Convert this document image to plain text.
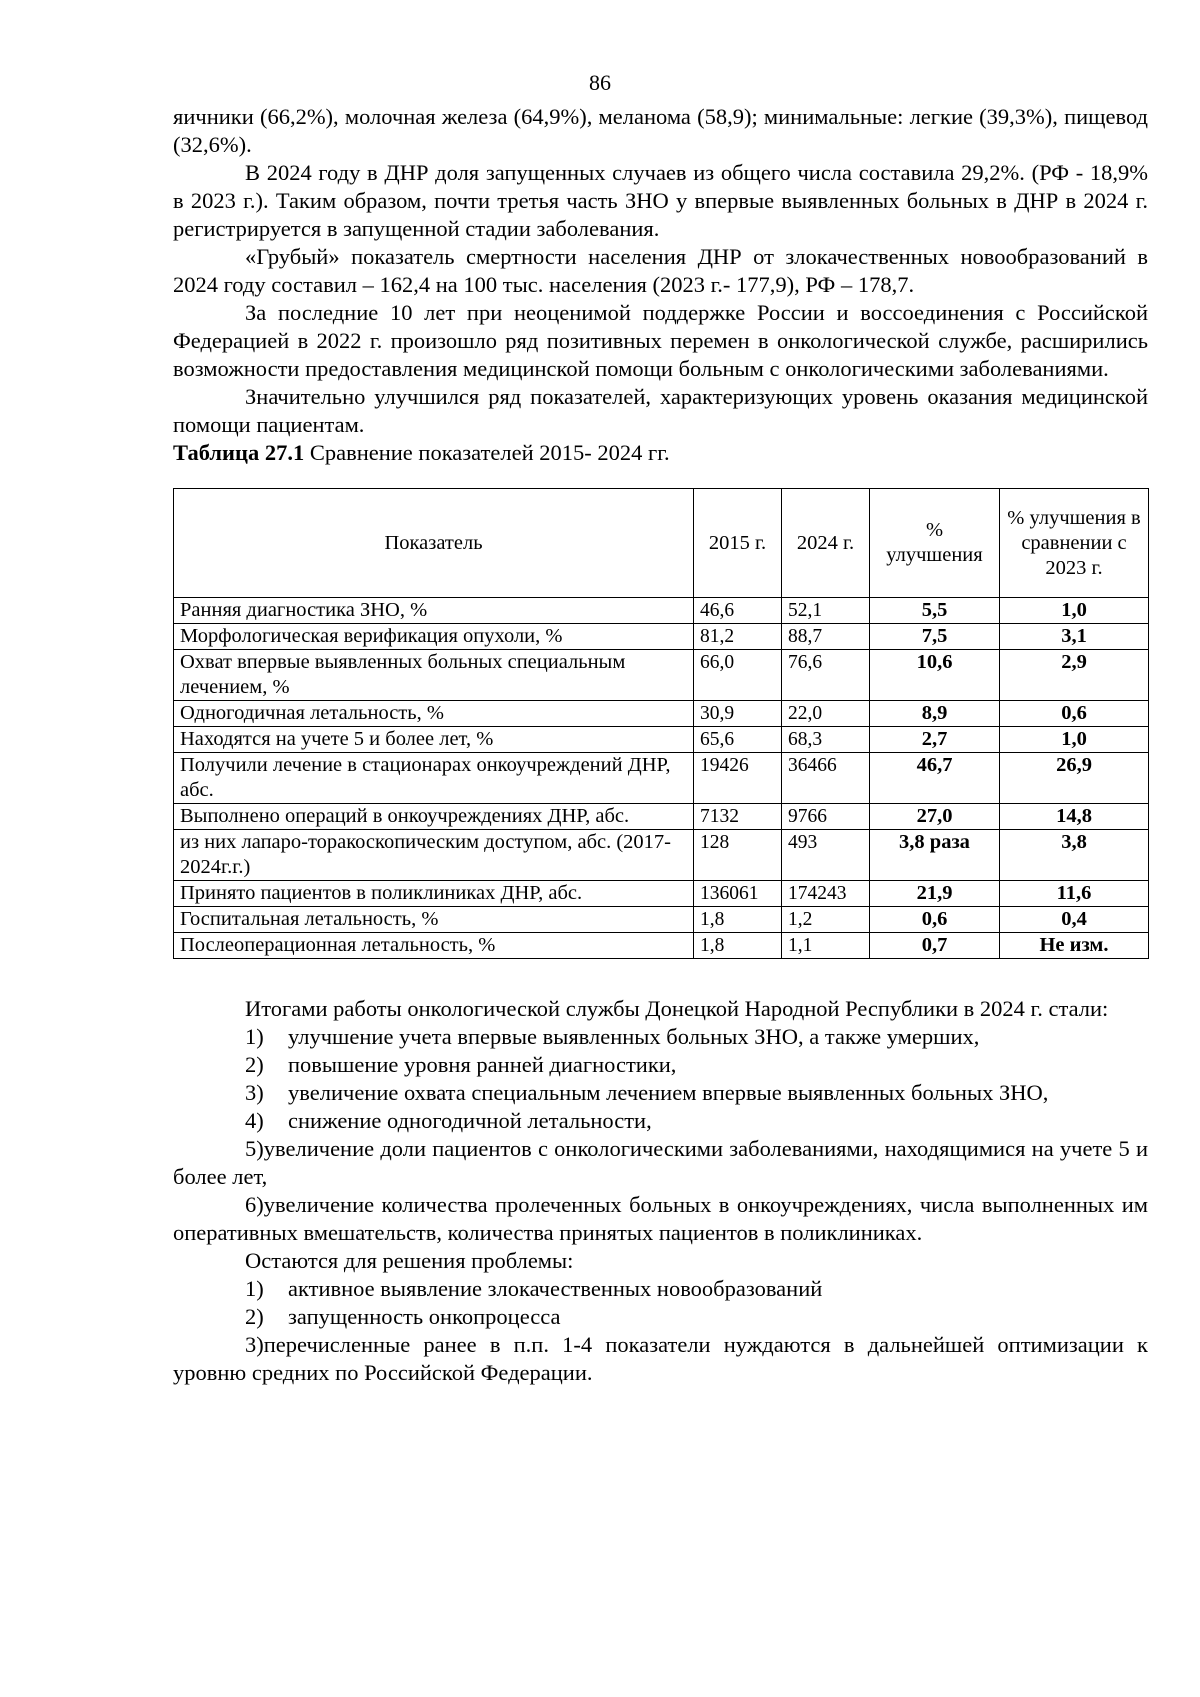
86

яичники (66,2%), молочная железа (64,9%), меланома (58,9); минимальные: легкие (39,3%), пищевод (32,6%).

В 2024 году в ДНР доля запущенных случаев из общего числа составила 29,2%. (РФ - 18,9% в 2023 г.). Таким образом, почти третья часть ЗНО у впервые выявленных больных в ДНР в 2024 г. регистрируется в запущенной стадии заболевания.

«Грубый» показатель смертности населения ДНР от злокачественных новообразований в 2024 году составил – 162,4 на 100 тыс. населения (2023 г.- 177,9), РФ – 178,7.

За последние 10 лет при неоценимой поддержке России и воссоединения с Российской Федерацией в 2022 г. произошло ряд позитивных перемен в онкологической службе, расширились возможности предоставления медицинской помощи больным с онкологическими заболеваниями.

Значительно улучшился ряд показателей, характеризующих уровень оказания медицинской помощи пациентам.

Таблица 27.1 Сравнение показателей 2015- 2024 гг.

Показатель	2015 г.	2024 г.	% улучшения	% улучшения в сравнении с 2023 г.
Ранняя диагностика ЗНО, %	46,6	52,1	5,5	1,0
Морфологическая верификация опухоли, %	81,2	88,7	7,5	3,1
Охват впервые выявленных больных специальным лечением, %	66,0	76,6	10,6	2,9
Одногодичная летальность, %	30,9	22,0	8,9	0,6
Находятся на учете 5 и более лет, %	65,6	68,3	2,7	1,0
Получили лечение в стационарах онкоучреждений ДНР, абс.	19426	36466	46,7	26,9
Выполнено операций в онкоучреждениях ДНР, абс.	7132	9766	27,0	14,8
из них лапаро-торакоскопическим доступом, абс. (2017-2024г.г.)	128	493	3,8 раза	3,8
Принято пациентов в поликлиниках ДНР, абс.	136061	174243	21,9	11,6
Госпитальная летальность, %	1,8	1,2	0,6	0,4
Послеоперационная летальность, %	1,8	1,1	0,7	Не изм.

Итогами работы онкологической службы Донецкой Народной Республики в 2024 г. стали:

1) улучшение учета впервые выявленных больных ЗНО, а также умерших,

2) повышение уровня ранней диагностики,

3) увеличение охвата специальным лечением впервые выявленных больных ЗНО,

4) снижение одногодичной летальности,

5)увеличение доли пациентов с онкологическими заболеваниями, находящимися на учете 5 и более лет,

6)увеличение количества пролеченных больных в онкоучреждениях, числа выполненных им оперативных вмешательств, количества принятых пациентов в поликлиниках.

Остаются для решения проблемы:

1) активное выявление злокачественных новообразований

2) запущенность онкопроцесса

3)перечисленные ранее в п.п. 1-4 показатели нуждаются в дальнейшей оптимизации к уровню средних по Российской Федерации.
